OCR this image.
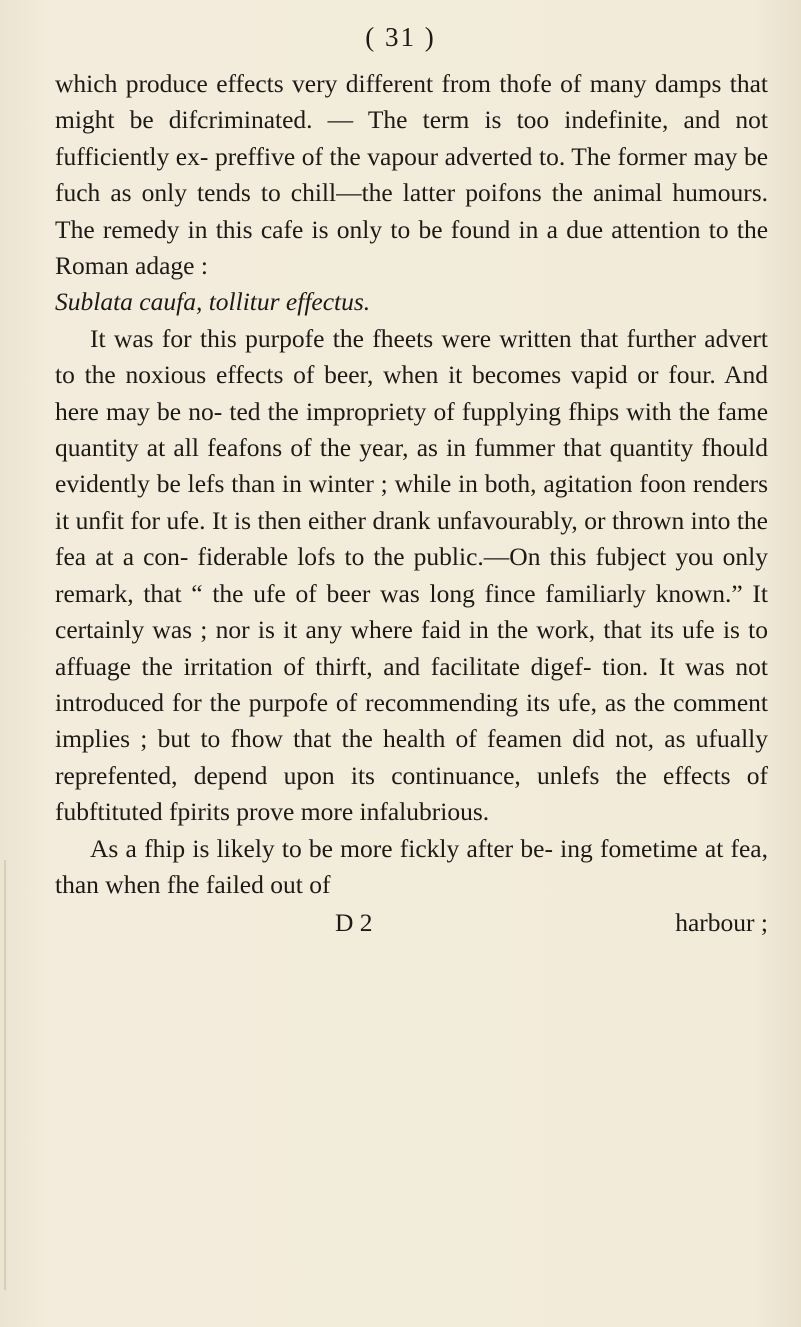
( 31 )

which produce effects very different from thofe of many damps that might be difcriminated. — The term is too indefinite, and not fufficiently ex- preffive of the vapour adverted to. The former may be fuch as only tends to chill—the latter poifons the animal humours. The remedy in this cafe is only to be found in a due attention to the Roman adage :

Sublata caufa, tollitur effectus.

It was for this purpofe the fheets were written that further advert to the noxious effects of beer, when it becomes vapid or four. And here may be no- ted the impropriety of fupplying fhips with the fame quantity at all feafons of the year, as in fummer that quantity fhould evidently be lefs than in winter ; while in both, agitation foon renders it unfit for ufe. It is then either drank unfavourably, or thrown into the fea at a con- fiderable lofs to the public.—On this fubject you only remark, that “ the ufe of beer was long fince familiarly known.” It certainly was ; nor is it any where faid in the work, that its ufe is to affuage the irritation of thirft, and facilitate digef- tion. It was not introduced for the purpofe of recommending its ufe, as the comment implies ; but to fhow that the health of feamen did not, as ufually reprefented, depend upon its continuance, unlefs the effects of fubftituted fpirits prove more infalubrious.

As a fhip is likely to be more fickly after be- ing fometime at fea, than when fhe failed out of

D 2	harbour ;
